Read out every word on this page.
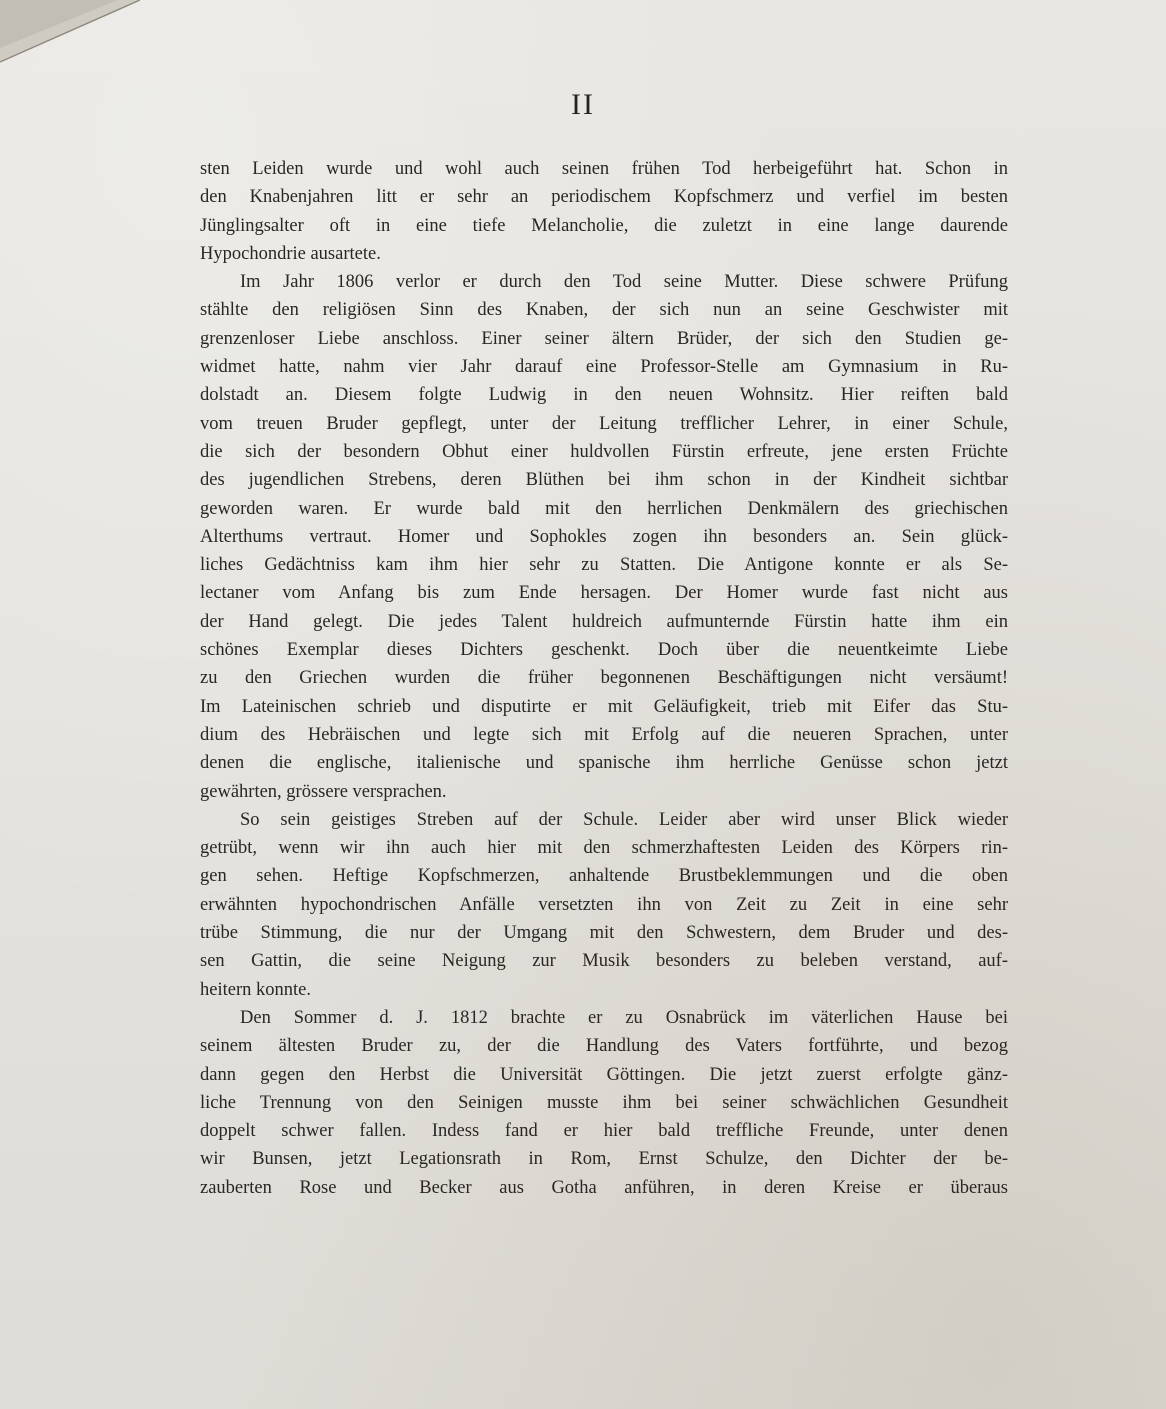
II
sten Leiden wurde und wohl auch seinen frühen Tod herbeigeführt hat. Schon in
den Knabenjahren litt er sehr an periodischem Kopfschmerz und verfiel im besten
Jünglingsalter oft in eine tiefe Melancholie, die zuletzt in eine lange daurende
Hypochondrie ausartete.
Im Jahr 1806 verlor er durch den Tod seine Mutter. Diese schwere Prüfung
stählte den religiösen Sinn des Knaben, der sich nun an seine Geschwister mit
grenzenloser Liebe anschloss. Einer seiner ältern Brüder, der sich den Studien ge-
widmet hatte, nahm vier Jahr darauf eine Professor-Stelle am Gymnasium in Ru-
dolstadt an. Diesem folgte Ludwig in den neuen Wohnsitz. Hier reiften bald
vom treuen Bruder gepflegt, unter der Leitung trefflicher Lehrer, in einer Schule,
die sich der besondern Obhut einer huldvollen Fürstin erfreute, jene ersten Früchte
des jugendlichen Strebens, deren Blüthen bei ihm schon in der Kindheit sichtbar
geworden waren. Er wurde bald mit den herrlichen Denkmälern des griechischen
Alterthums vertraut. Homer und Sophokles zogen ihn besonders an. Sein glück-
liches Gedächtniss kam ihm hier sehr zu Statten. Die Antigone konnte er als Se-
lectaner vom Anfang bis zum Ende hersagen. Der Homer wurde fast nicht aus
der Hand gelegt. Die jedes Talent huldreich aufmunternde Fürstin hatte ihm ein
schönes Exemplar dieses Dichters geschenkt. Doch über die neuentkeimte Liebe
zu den Griechen wurden die früher begonnenen Beschäftigungen nicht versäumt!
Im Lateinischen schrieb und disputirte er mit Geläufigkeit, trieb mit Eifer das Stu-
dium des Hebräischen und legte sich mit Erfolg auf die neueren Sprachen, unter
denen die englische, italienische und spanische ihm herrliche Genüsse schon jetzt
gewährten, grössere versprachen.
So sein geistiges Streben auf der Schule. Leider aber wird unser Blick wieder
getrübt, wenn wir ihn auch hier mit den schmerzhaftesten Leiden des Körpers rin-
gen sehen. Heftige Kopfschmerzen, anhaltende Brustbeklemmungen und die oben
erwähnten hypochondrischen Anfälle versetzten ihn von Zeit zu Zeit in eine sehr
trübe Stimmung, die nur der Umgang mit den Schwestern, dem Bruder und des-
sen Gattin, die seine Neigung zur Musik besonders zu beleben verstand, auf-
heitern konnte.
Den Sommer d. J. 1812 brachte er zu Osnabrück im väterlichen Hause bei
seinem ältesten Bruder zu, der die Handlung des Vaters fortführte, und bezog
dann gegen den Herbst die Universität Göttingen. Die jetzt zuerst erfolgte gänz-
liche Trennung von den Seinigen musste ihm bei seiner schwächlichen Gesundheit
doppelt schwer fallen. Indess fand er hier bald treffliche Freunde, unter denen
wir Bunsen, jetzt Legationsrath in Rom, Ernst Schulze, den Dichter der be-
zauberten Rose und Becker aus Gotha anführen, in deren Kreise er überaus
